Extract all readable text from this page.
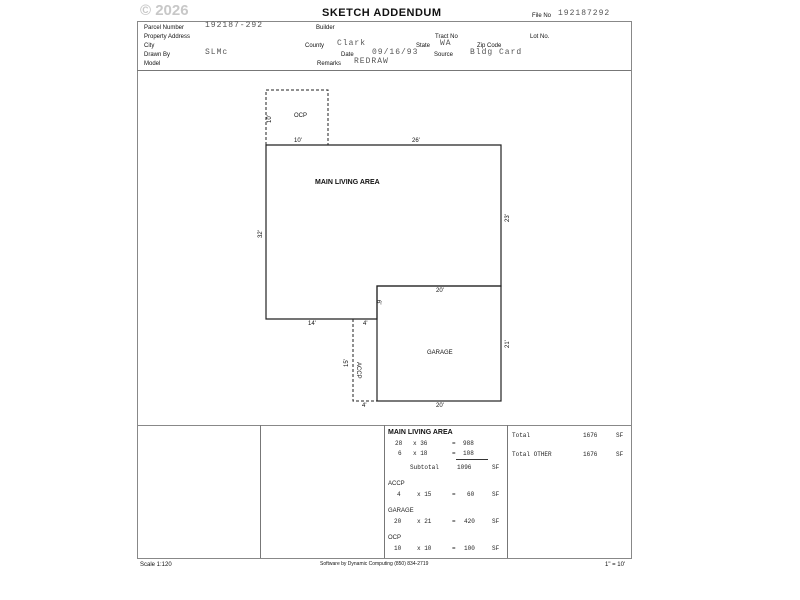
© 2026	SKETCH ADDENDUM	File No 192187292
Parcel Number	192187-292	Builder
Property Address	Tract No	Lot No.
City	County Clark	State WA	Zip Code
Drawn By	SLMc	Date 09/16/93	Source Bldg Card
Model	Remarks REDRAW
OCP
MAIN LIVING AREA
GARAGE
ACCP
10'
10'	26'
23'
32'
14'
6'
4'
20'
21'
20'
15'
4'
MAIN LIVING AREA
28 x 36	= 988
6 x 18	= 108
Subtotal	1096	SF
ACCP
4	x 15	= 60	SF
GARAGE
20	x 21	= 420	SF
OCP
10	x 10	= 100	SF
Total	1676	SF
Total OTHER	1676	SF
Scale 1:120	Software by Dynamic Computing (850) 834-2719	1" = 10'
